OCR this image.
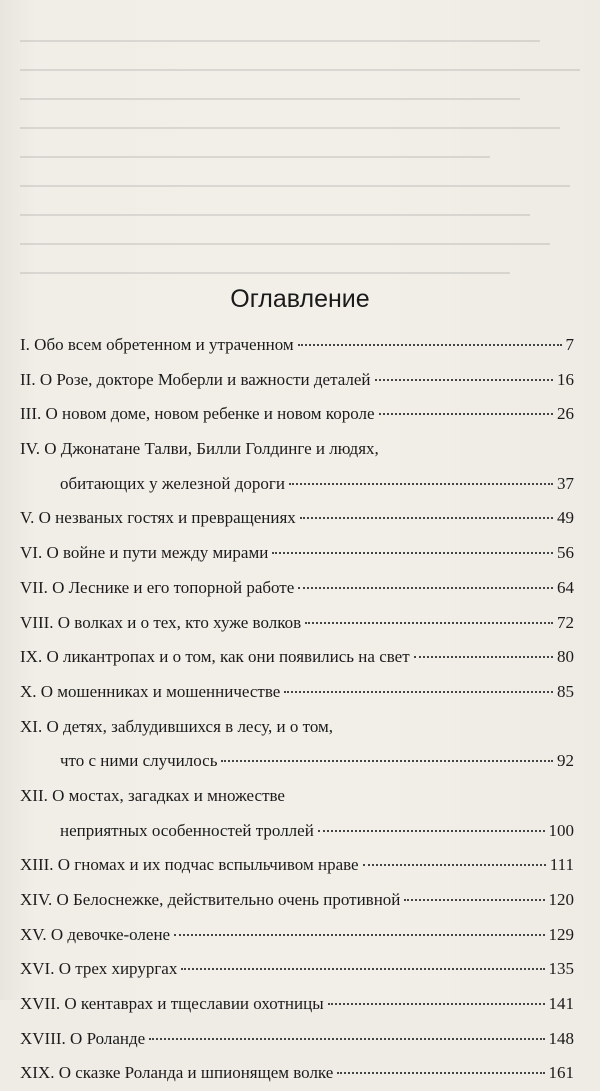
Оглавление
I. Обо всем обретенном и утраченном	7
II. О Розе, докторе Моберли и важности деталей	16
III. О новом доме, новом ребенке и новом короле	26
IV. О Джонатане Талви, Билли Голдинге и людях,
обитающих у железной дороги	37
V. О незваных гостях и превращениях	49
VI. О войне и пути между мирами	56
VII. О Леснике и его топорной работе	64
VIII. О волках и о тех, кто хуже волков	72
IX. О ликантропах и о том, как они появились на свет	80
X. О мошенниках и мошенничестве	85
XI. О детях, заблудившихся в лесу, и о том,
что с ними случилось	92
XII. О мостах, загадках и множестве
неприятных особенностей троллей	100
XIII. О гномах и их подчас вспыльчивом нраве	111
XIV. О Белоснежке, действительно очень противной	120
XV. О девочке-олене	129
XVI. О трех хирургах	135
XVII. О кентаврах и тщеславии охотницы	141
XVIII. О Роланде	148
XIX. О сказке Роланда и шпионящем волке	161
